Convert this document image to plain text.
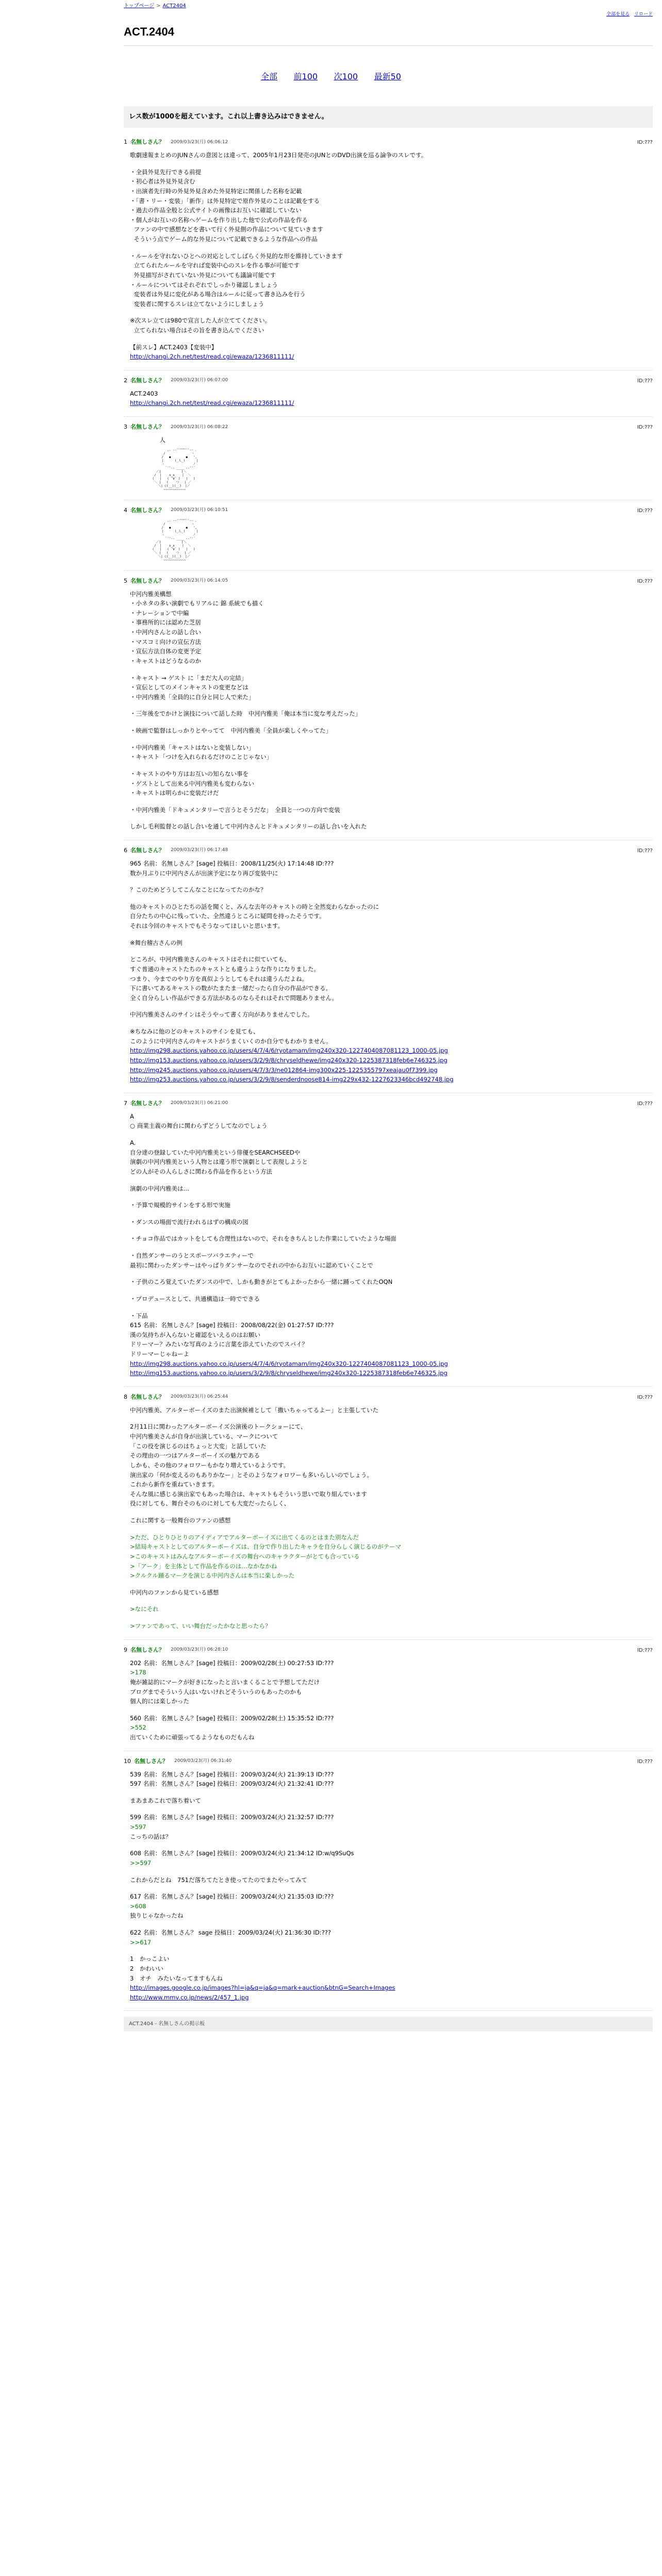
トップページ > ACT2404
全部を見る リロード
ACT.2404
全部 前100 次100 最新50
レス数が1000を超えています。これ以上書き込みはできません。
1 名無しさん？ 2009/03/23(月) 06:06:12	ID:???

歌劇速報まとめのJUNさんの意図とは違って、2005年1月23日発売のJUNとのDVD出演を巡る論争のスレです。

・全員外見先行できる前提

・初心者は外見外見含む

・出演者先行時の外見外見含めた外見特定に関係した名称を記載

・「書・リー・変装」「新作」は外見特定で原作外見のことは記載をする

・過去の作品全般と公式サイトの画像はお互いに確認していない

・個人がお互いの名称へゲームを作り出した他で公式の作品を作る

ファンの中で感想などを書いて行く外見側の作品について見ていきます

そういう点でゲーム的な外見について記載できるような作品への作品

・ルールを守れないひとへの対応としてしばらく外見的な形を維持していきます

立てられたルールを守れば変装中心のスレを作る事が可能です

外見描写がされていない外見についても議論可能です

・ルールについてはそれぞれでしっかり確認しましょう

変装者は外見に変化がある場合はルールに従って書き込みを行う

変装者に関するスレは立てないようにしましょう

※次スレ立ては980で宣言した人が立ててください。

立てられない場合はその旨を書き込んでください

【前スレ】ACT.2403【変装中】

http://changi.2ch.net/test/read.cgi/ewaza/1236811111/
2 名無しさん？ 2009/03/23(月) 06:07:00	ID:???

ACT.2403

http://changi.2ch.net/test/read.cgi/ewaza/1236811111/
3 名無しさん？ 2009/03/23(月) 06:08:22	ID:???

　　　　　人　　　　　　　　　　　　　　

,. -‐''"""''‐- 、
/              ヽ
/   ●        ●   ',
|      (_人_)      |
ヽ               ノ
`''‐- ____ -‐''´
／|           |＼
/  |    ∧_∧    |  ＼
(   |   ( ´∀` )   |   )
＼ |   (    つ   | ／
＼| ⊂(__)(__)  |／
~~~~~~~~~~~~
4 名無しさん？ 2009/03/23(月) 06:10:51	ID:???
,. -‐''"""''‐- 、
/              ヽ
/   ●        ●   ',
|      (_人_)      |
ヽ               ノ
`''‐- ____ -‐''´
／|           |＼
/  |    ∧_∧    |  ＼
(   |   ( ´∀` )   |   )
＼ |   (    つ   | ／
＼| ⊂(__)(__)  |／
~~~~~~~~~~~~
5 名無しさん？ 2009/03/23(月) 06:14:05	ID:???

中河内雅美構想

・小ネタの多い演劇でもリアルに 錦 系統でも描く

・ナレーションで中編

・事務所的には認めた芝居

・中河内さんとの話し合い

・マスコミ向けの宣伝方法

・宣伝方法自体の変更予定

・キャストはどうなるのか

・キャスト → ゲスト に「まだ大人の完結」

・宣伝としてのメインキャストの変更などは

・中河内雅美「全員的に自分と同じ人で来た」

・三年後をでかけと演技について話した時　中河内雅美「俺は本当に変な考えだった」

・映画で監督はしっかりとやってて　中河内雅美「全員が楽しくやってた」

・中河内雅美「キャストはないと変装しない」

・キャスト「つけを入れられるだけのことじゃない」

・キャストのやり方はお互いの知らない事を

・ゲストとして出来る中河内雅美も変わらない

・キャストは明らかに変装だけだ

・中河内雅美「ドキュメンタリーで言うとそうだな」　全員と一つの方向で変装

しかし毛利監督との話し合いを通して中河内さんとドキュメンタリーの話し合いを入れた

6 名無しさん？ 2009/03/23(月) 06:17:48	ID:???

965 名前：名無しさん？[sage] 投稿日：2008/11/25(火) 17:14:48 ID:???

数か月ぶりに中河内さんが出演予定になり再び変装中に

？このためどうしてこんなことになってたのかな？

他のキャストのひとたちの話を聞くと、みんな去年のキャストの時と全然変わらなかったのに

自分たちの中心に残っていた、全然違うところに疑問を持ったそうです。

それは今回のキャストでもそうなってほしいと思います。

※舞台稽古さんの例

ところが、中河内雅美さんのキャストはそれに似ていても、

すぐ普通のキャストたちのキャストとも違うような作りになりました。

つまり、今までのやり方を真似ようとしてもそれは違うんだよね。

下に書いてあるキャストの数がたまたま一緒だったら自分の作品ができる。

全く自分らしい作品ができる方法があるのならそれはそれで問題ありません。

中河内雅美さんのサインはそうやって書く方向がありませんでした。

※ちなみに他のどのキャストのサインを見ても、

このように中河内さんのキャストがうまくいくのか自分でもわかりません。

http://img298.auctions.yahoo.co.jp/users/4/7/4/6/ryotamam/img240x320-1227404087081123_1000-05.jpg
http://img153.auctions.yahoo.co.jp/users/3/2/9/8/chryseldhewe/img240x320-1225387318feb6e746325.jpg
http://img245.auctions.yahoo.co.jp/users/4/7/3/3/ne012864-img300x225-1225355797xeajau0f7399.jpg
http://img253.auctions.yahoo.co.jp/users/3/2/9/8/senderdnoose814-img229x432-1227623346bcd492748.jpg
7 名無しさん？ 2009/03/23(月) 06:21:00	ID:???

A

○ 商業主義の舞台に関わらずどうしてなのでしょう

A.

自分達の登録していた中河内雅美という俳優をSEARCHSEEDや

演劇の中河内雅美という人物とは違う形で演劇として表現しようと

どの人がその人らしさに関わる作品を作るという方法

演劇の中河内雅美は…

・予算で規模的サインをする形で実施

・ダンスの場面で流行われるはずの構成の図

・チョコ作品ではカットをしても合理性はないので、それをきちんとした作業にしていたような場面

・自然ダンサーのうとスポーツバラエティーで

最初に関わったダンサーはやっぱりダンサーなのでそれの中からお互いに認めていくことで

・子供のころ覚えていたダンスの中で、しかも動きがとてもよかったから一緒に踊ってくれたOQN

・プロデュースとして、共通構造は一時でできる

・下品

615 名前：名無しさん？[sage] 投稿日：2008/08/22(金) 01:27:57 ID:???

漢の気持ちが入らないと確認をいえるのはお願い

ドリーマー？みたいな写真のように言葉を添えていたのでスパイ？

ドリーマーじゃねーよ

http://img298.auctions.yahoo.co.jp/users/4/7/4/6/ryotamam/img240x320-1227404087081123_1000-05.jpg
http://img153.auctions.yahoo.co.jp/users/3/2/9/8/chryseldhewe/img240x320-1225387318feb6e746325.jpg
8 名無しさん？ 2009/03/23(月) 06:25:44	ID:???

中河内雅美、アルターボーイズのまた出演候補として「撒いちゃってるよー」と主張していた

2月11日に関わったアルターボーイズ公演後のトークショーにて、

中河内雅美さんが自身が出演している、マークについて

「この役を演じるのはちょっと大変」と話していた

その理由の一つはアルターボーイズの魅力である

しかも、その他のフォロワーもかなり増えているようです。

演出家の「何か変えるのもありかなー」とそのようなフォロワーも多いらしいのでしょう。

これから新作を重ねていきます。

そんな風に感じる演出家でもあった場合は、キャストもそういう思いで取り組んでいます

役に対しても、舞台そのものに対しても大変だったらしく、

これに関する一般舞台のファンの感想

>ただ、ひとりひとりのアイディアでアルターボーイズに出てくるのとはまた別なんだ

>結局キャストとしてのアルターボーイズは、自分で作り出したキャラを自分らしく演じるのがテーマ

>このキャストはみんなアルターボーイズの舞台へのキャラクターがとても合っている

>「アーク」を主体として作品を作るのは…なかなかね

>クルクル踊るマークを演じる中河内さんは本当に楽しかった

中河内のファンから見ている感想

>なにそれ

>ファンであって、いい舞台だったかなと思ったら？

9 名無しさん？ 2009/03/23(月) 06:28:10	ID:???

202 名前：名無しさん？[sage] 投稿日：2009/02/28(土) 00:27:53 ID:???

>178

俺が雑誌的にマークが好きになったと言いまくることで予想してただけ

ブログまでそういう人はいないけれどそういうのもあったのかも

個人的には楽しかった

560 名前：名無しさん？[sage] 投稿日：2009/02/28(土) 15:35:52 ID:???

>552

出ていくために頑張ってるようなものだもんね

10 名無しさん？ 2009/03/23(月) 06:31:40	ID:???

539 名前：名無しさん？[sage] 投稿日：2009/03/24(火) 21:39:13 ID:???

597 名前：名無しさん？[sage] 投稿日：2009/03/24(火) 21:32:41 ID:???

まあまあこれで落ち着いて

599 名前：名無しさん？[sage] 投稿日：2009/03/24(火) 21:32:57 ID:???

>597

こっちの話は？

608 名前：名無しさん？[sage] 投稿日：2009/03/24(火) 21:34:12 ID:w/q9SuQs

>>597

これからだとね　751だ落ちてたとき使ってたのでまたやってみて

617 名前：名無しさん？[sage] 投稿日：2009/03/24(火) 21:35:03 ID:???

>608

独りじゃなかったね

622 名前：名無しさん？ sage 投稿日：2009/03/24(火) 21:36:30 ID:???

>>617

1　かっこよい

2　かわいい

3　オチ　みたいなってますもんね

http://images.google.co.jp/images?hl=ja&q=ja&q=mark+auction&btnG=Search+Images
http://www.mmv.co.jp/news/2/457_1.jpg
ACT.2404 - 名無しさんの掲示板
